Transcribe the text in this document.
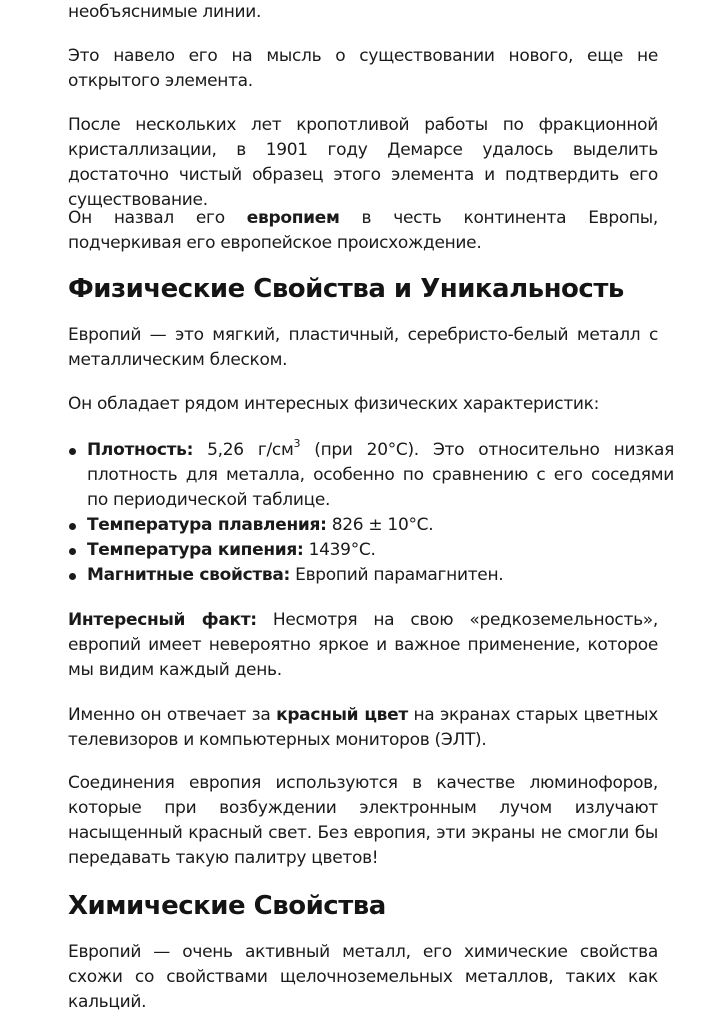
необъяснимые линии.

Это навело его на мысль о существовании нового, еще не открытого элемента.

После нескольких лет кропотливой работы по фракционной кристаллизации, в 1901 году Демарсе удалось выделить достаточно чистый образец этого элемента и подтвердить его существование.

Он назвал его европием в честь континента Европы, подчеркивая его европейское происхождение.

Физические Свойства и Уникальность

Европий — это мягкий, пластичный, серебристо-белый металл с металлическим блеском.

Он обладает рядом интересных физических характеристик:

Плотность: 5,26 $г/см^3$ (при 20°C). Это относительно низкая плотность для металла, особенно по сравнению с его соседями по периодической таблице.
Температура плавления: 826 ± 10°C.
Температура кипения: 1439°C.
Магнитные свойства: Европий парамагнитен.

Интересный факт: Несмотря на свою «редкоземельность», европий имеет невероятно яркое и важное применение, которое мы видим каждый день.

Именно он отвечает за красный цвет на экранах старых цветных телевизоров и компьютерных мониторов (ЭЛТ).

Соединения европия используются в качестве люминофоров, которые при возбуждении электронным лучом излучают насыщенный красный свет. Без европия, эти экраны не смогли бы передавать такую палитру цветов!

Химические Свойства

Европий — очень активный металл, его химические свойства схожи со свойствами щелочноземельных металлов, таких как кальций.
